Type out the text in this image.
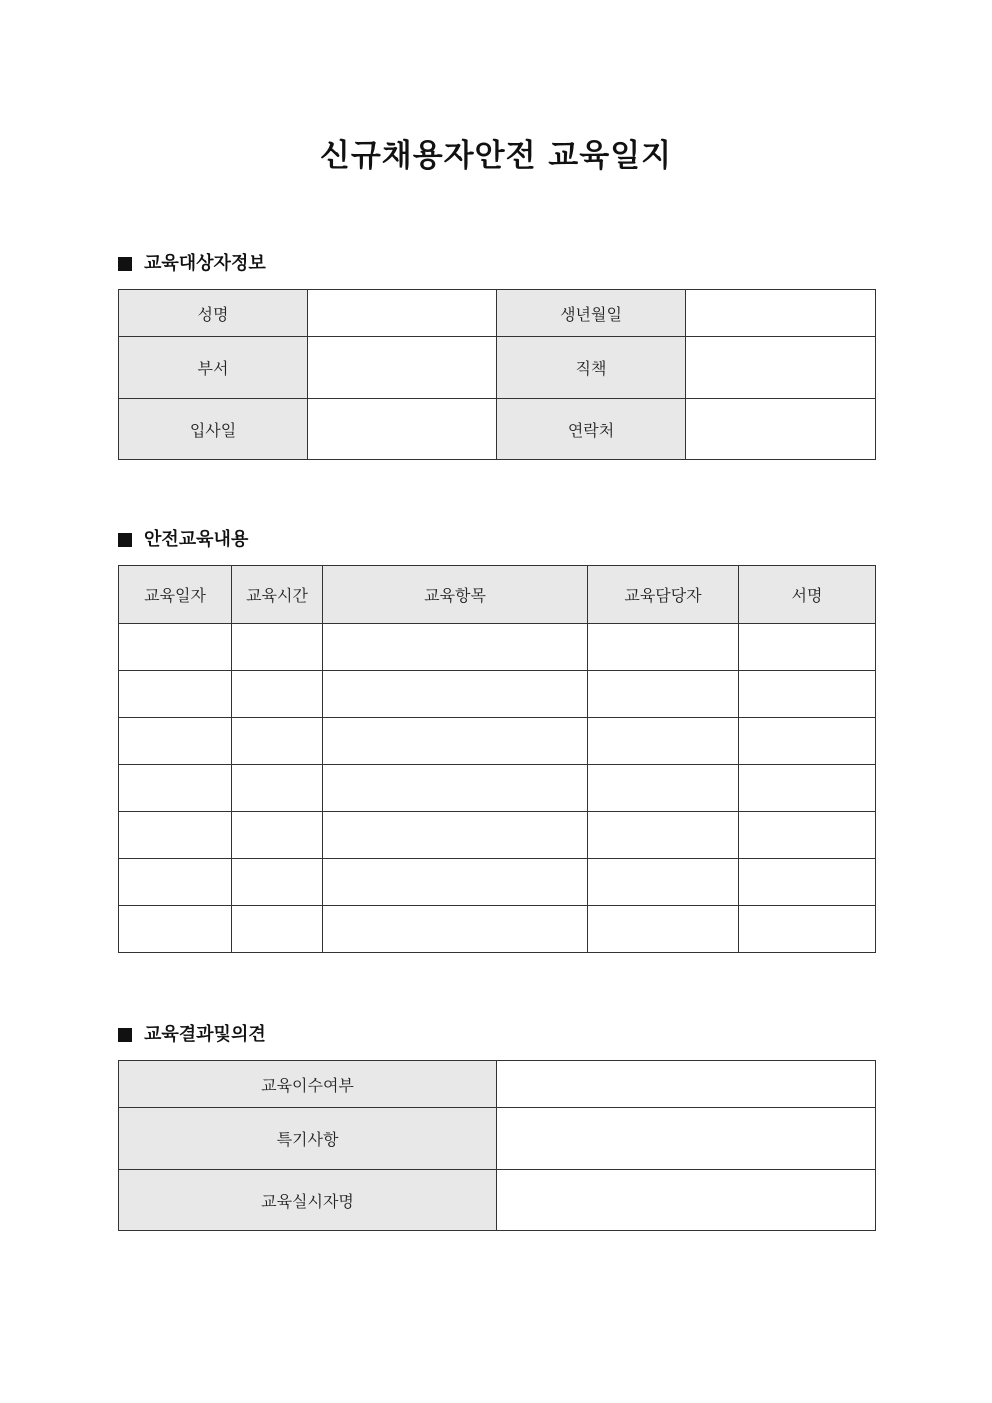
신규채용자안전 교육일지
교육대상자정보
성명		생년월일	
부서		직책	
입사일		연락처	
안전교육내용
교육일자	교육시간	교육항목	교육담당자	서명

교육결과및의견
교육이수여부	
특기사항	
교육실시자명	
